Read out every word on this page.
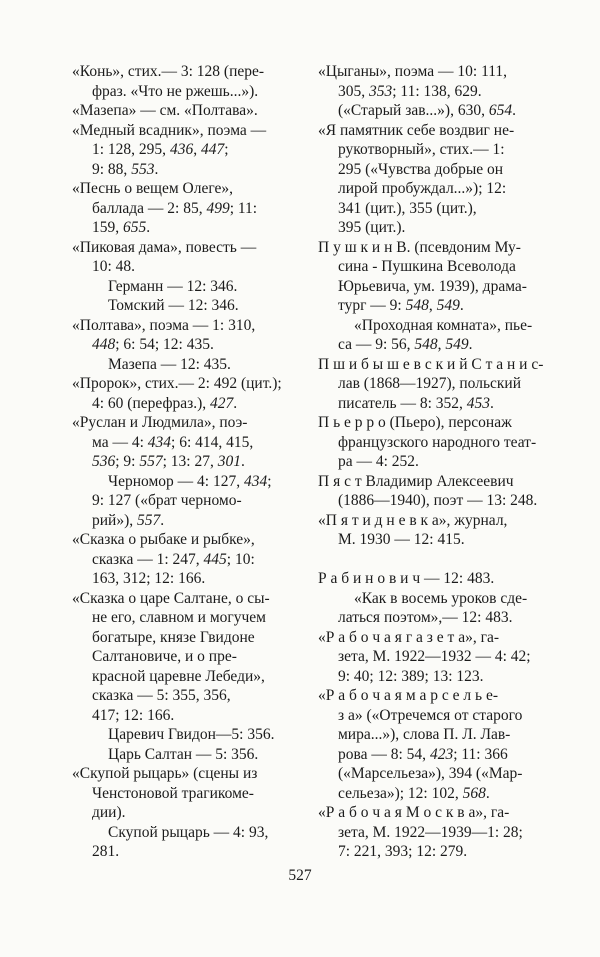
«Конь», стих.— 3: 128 (пере-
фраз. «Что не ржешь...»).
«Мазепа» — см. «Полтава».
«Медный всадник», поэма —
1: 128, 295, 436, 447;
9: 88, 553.
«Песнь о вещем Олеге»,
баллада — 2: 85, 499; 11:
159, 655.
«Пиковая дама», повесть —
10: 48.
Германн — 12: 346.
Томский — 12: 346.
«Полтава», поэма — 1: 310,
448; 6: 54; 12: 435.
Мазепа — 12: 435.
«Пророк», стих.— 2: 492 (цит.);
4: 60 (перефраз.), 427.
«Руслан и Людмила», поэ-
ма — 4: 434; 6: 414, 415,
536; 9: 557; 13: 27, 301.
Черномор — 4: 127, 434;
9: 127 («брат черномо-
рий»), 557.
«Сказка о рыбаке и рыбке»,
сказка — 1: 247, 445; 10:
163, 312; 12: 166.
«Сказка о царе Салтане, о сы-
не его, славном и могучем
богатыре, князе Гвидоне
Салтановиче, и о пре-
красной царевне Лебеди»,
сказка — 5: 355, 356,
417; 12: 166.
Царевич Гвидон—5: 356.
Царь Салтан — 5: 356.
«Скупой рыцарь» (сцены из
Ченстоновой трагикоме-
дии).
Скупой рыцарь — 4: 93,
281.
«Цыганы», поэма — 10: 111,
305, 353; 11: 138, 629.
(«Старый зав...»), 630, 654.
«Я памятник себе воздвиг не-
рукотворный», стих.— 1:
295 («Чувства добрые он
лирой пробуждал...»); 12:
341 (цит.), 355 (цит.),
395 (цит.).
П у ш к и н В. (псевдоним Му-
сина - Пушкина Всеволода
Юрьевича, ум. 1939), драма-
тург — 9: 548, 549.
«Проходная комната», пье-
са — 9: 56, 548, 549.
П ш и б ы ш е в с к и й С т а н и с-
лав (1868—1927), польский
писатель — 8: 352, 453.
П ь е р р о (Пьеро), персонаж
французского народного теат-
ра — 4: 252.
П я с т Владимир Алексеевич
(1886—1940), поэт — 13: 248.
«П я т и д н е в к а», журнал,
М. 1930 — 12: 415.
Р а б и н о в и ч — 12: 483.
«Как в восемь уроков сде-
латься поэтом»,— 12: 483.
«Р а б о ч а я г а з е т а», га-
зета, М. 1922—1932 — 4: 42;
9: 40; 12: 389; 13: 123.
«Р а б о ч а я м а р с е л ь е-
з а» («Отречемся от старого
мира...»), слова П. Л. Лав-
рова — 8: 54, 423; 11: 366
(«Марсельеза»), 394 («Мар-
сельеза»); 12: 102, 568.
«Р а б о ч а я М о с к в а», га-
зета, М. 1922—1939—1: 28;
7: 221, 393; 12: 279.
527
